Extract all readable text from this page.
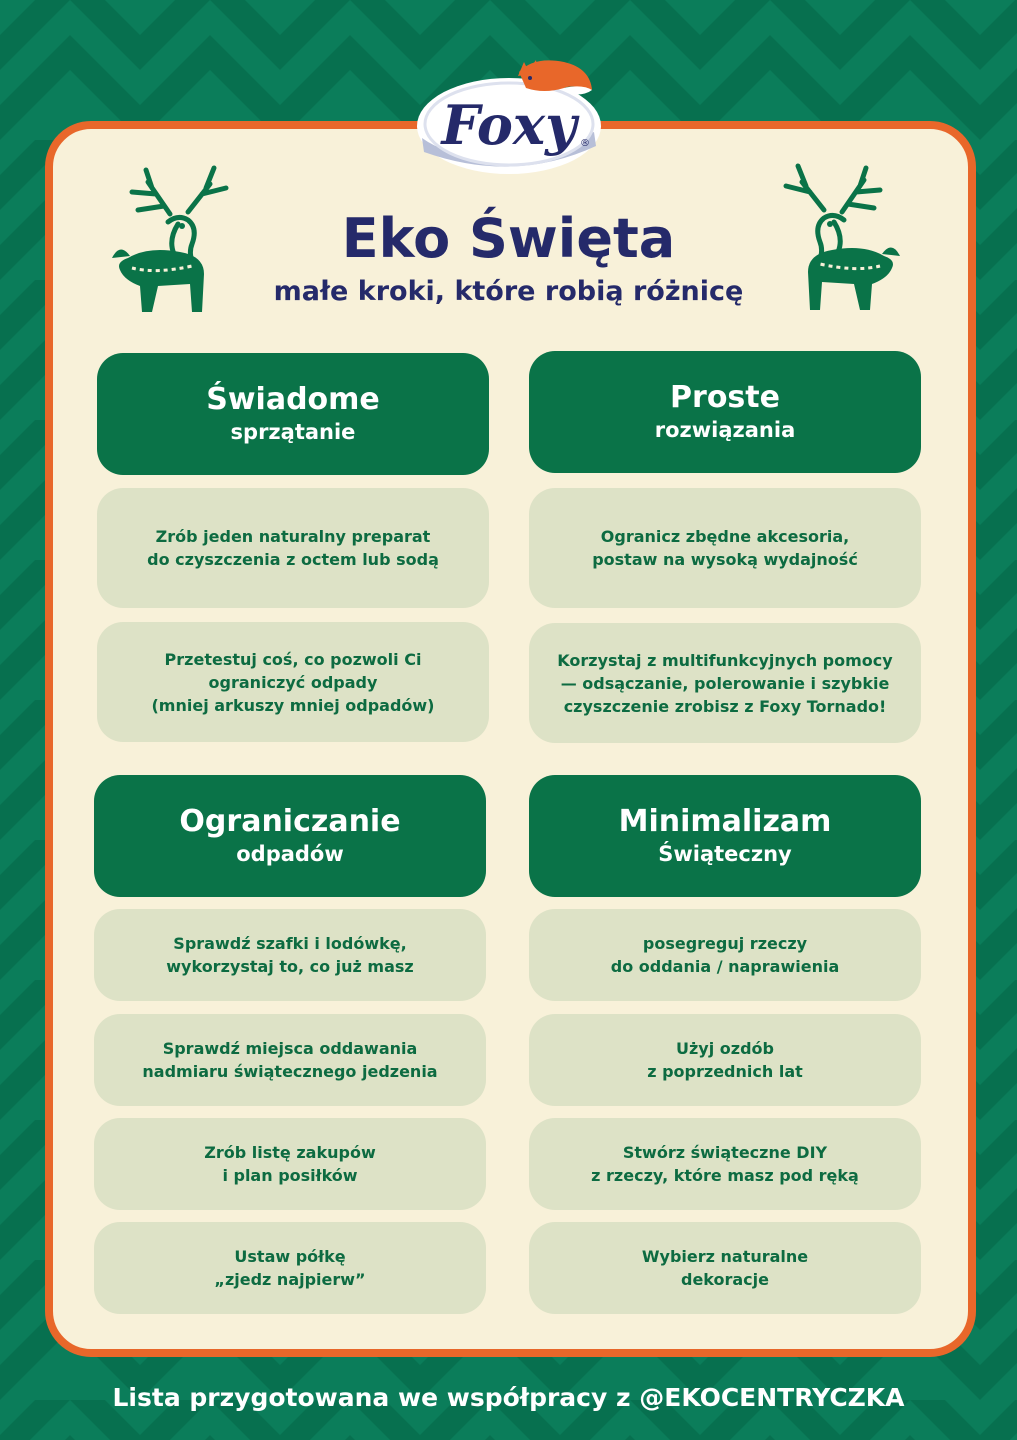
Foxy ®
Eko Święta
małe kroki, które robią różnicę
Świadome
sprzątanie
Zrób jeden naturalny preparat
do czyszczenia z octem lub sodą
Przetestuj coś, co pozwoli Ci
ograniczyć odpady
(mniej arkuszy mniej odpadów)
Proste
rozwiązania
Ogranicz zbędne akcesoria,
postaw na wysoką wydajność
Korzystaj z multifunkcyjnych pomocy
— odsączanie, polerowanie i szybkie
czyszczenie zrobisz z Foxy Tornado!
Ograniczanie
odpadów
Sprawdź szafki i lodówkę,
wykorzystaj to, co już masz
Sprawdź miejsca oddawania
nadmiaru świątecznego jedzenia
Zrób listę zakupów
i plan posiłków
Ustaw półkę
„zjedz najpierw”
Minimalizam
Świąteczny
posegreguj rzeczy
do oddania / naprawienia
Użyj ozdób
z poprzednich lat
Stwórz świąteczne DIY
z rzeczy, które masz pod ręką
Wybierz naturalne
dekoracje
Lista przygotowana we współpracy z @EKOCENTRYCZKA
